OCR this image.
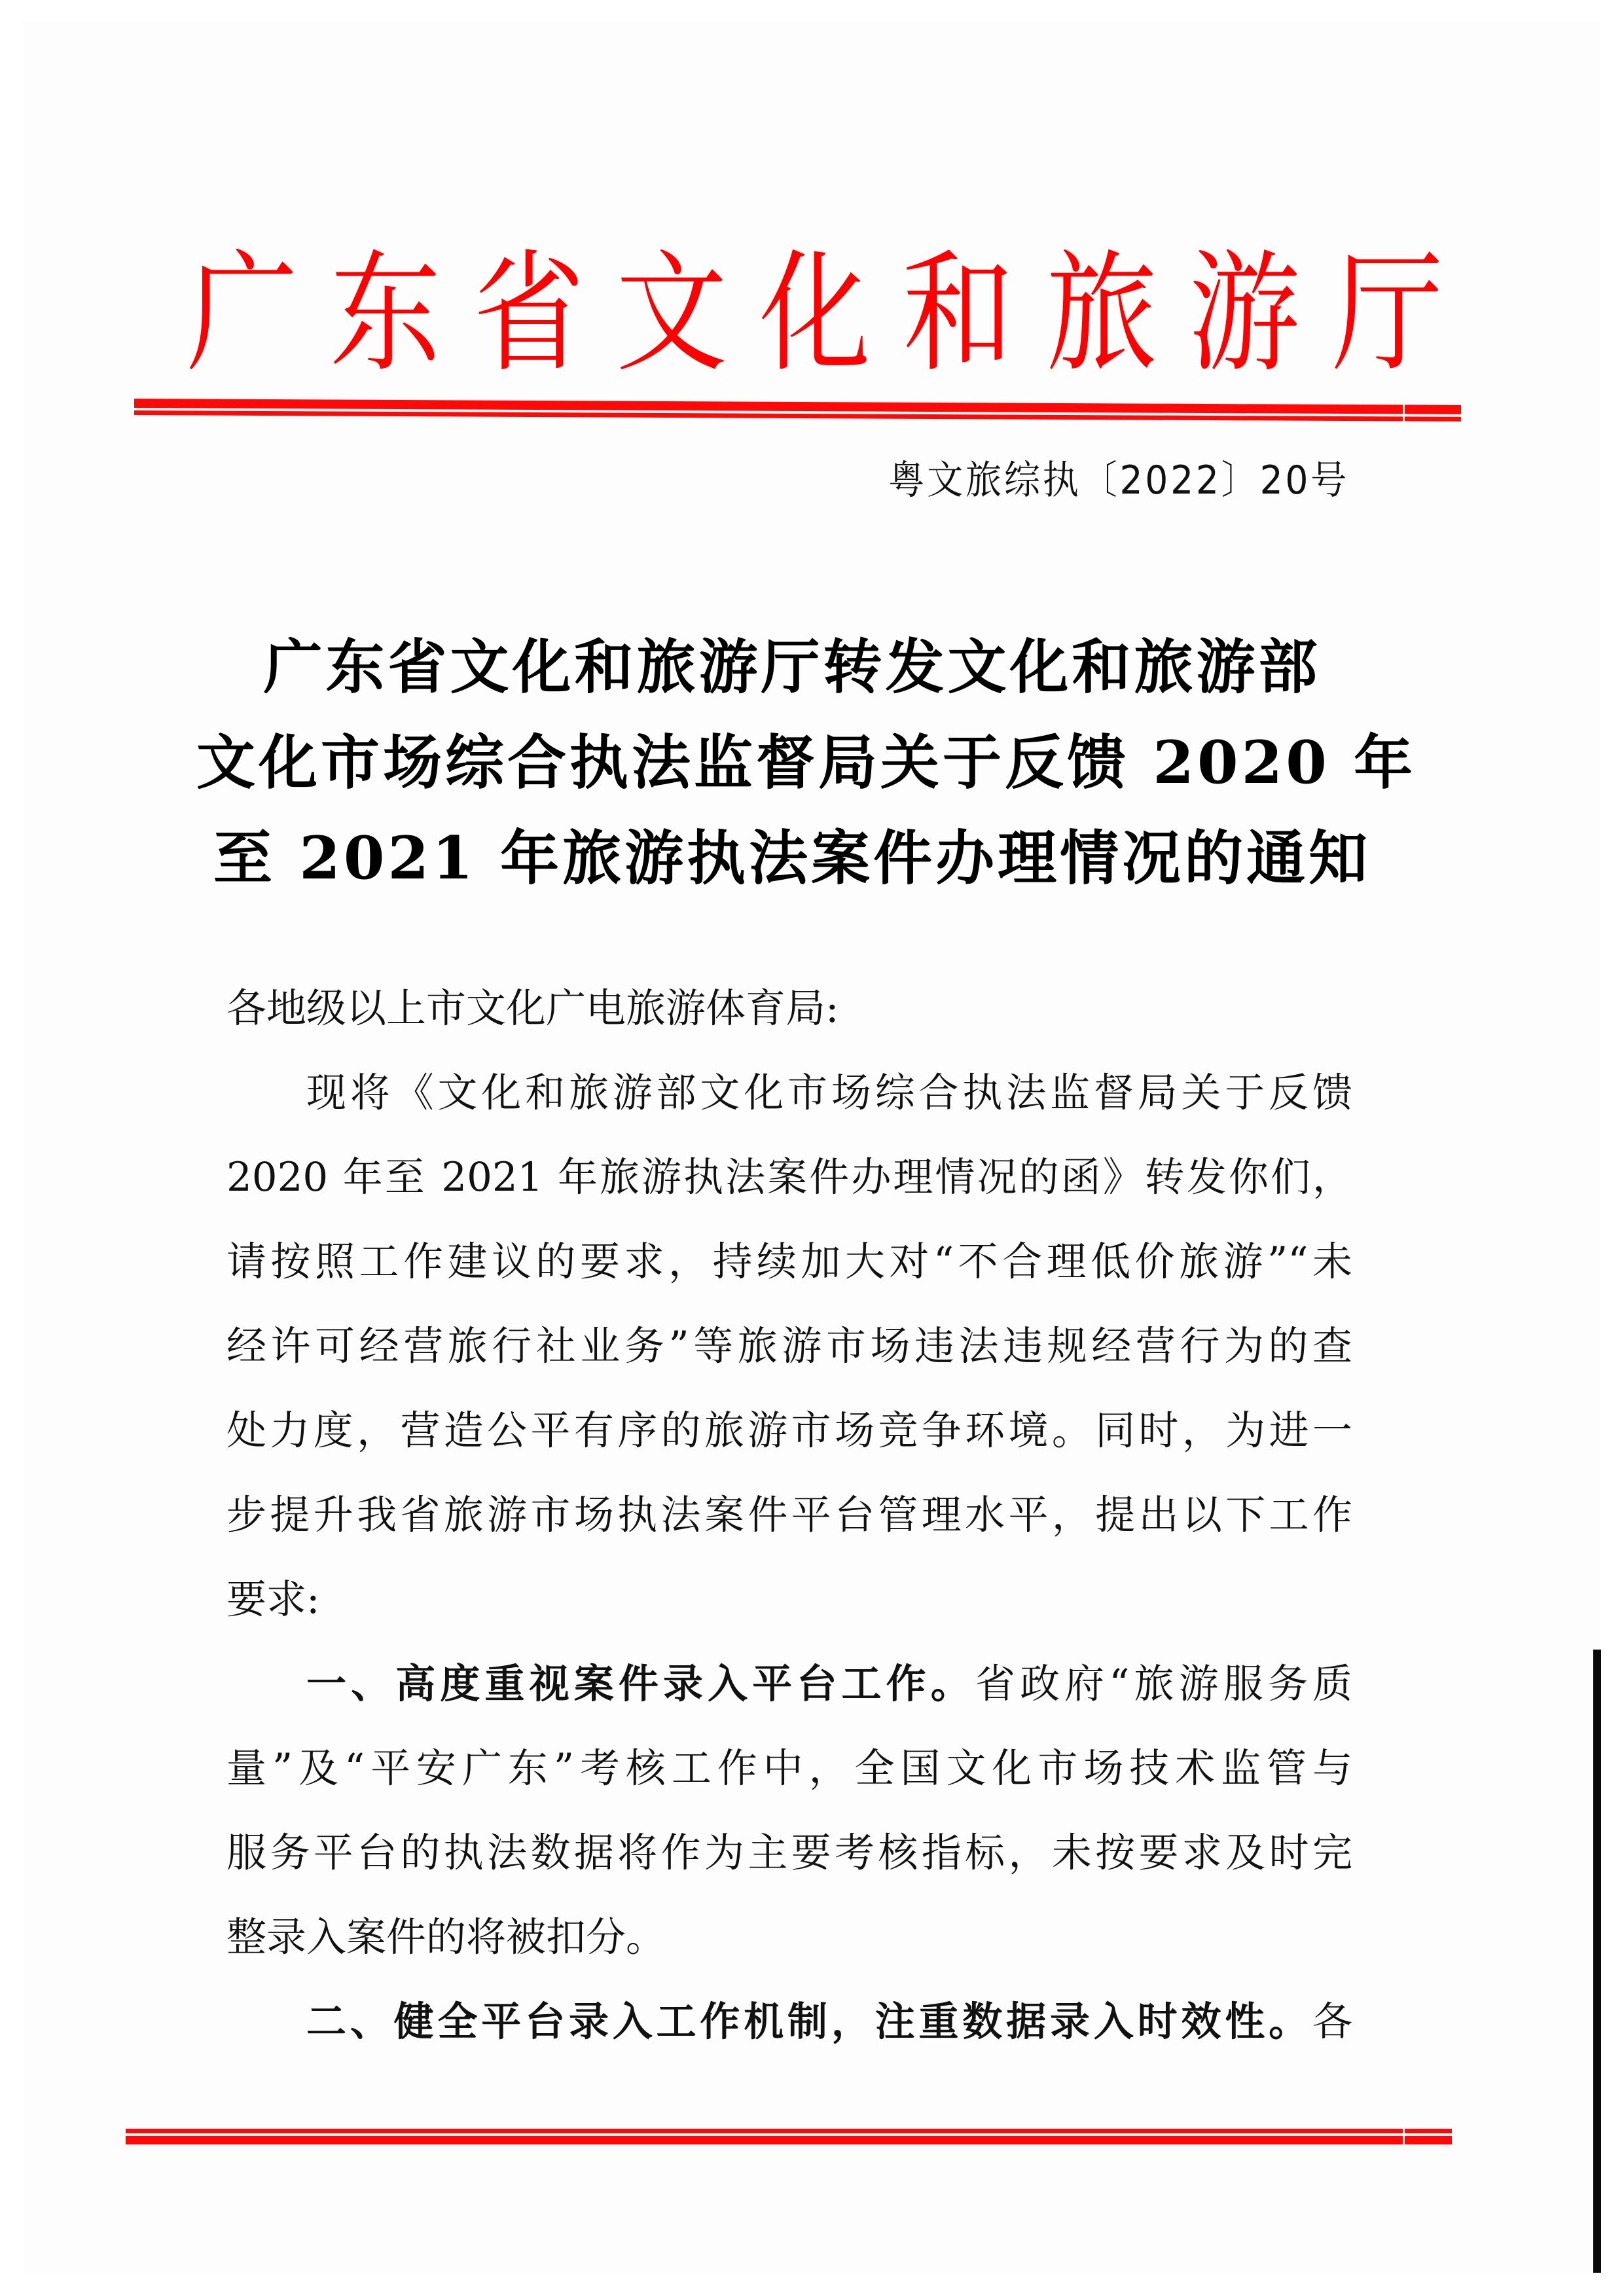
广 东 省 文 化 和 旅 游 厅
粤文旅综执〔2022〕20号
广东省文化和旅游厅转发文化和旅游部
文化市场综合执法监督局关于反馈 2020 年
至 2021 年旅游执法案件办理情况的通知
各地级以上市文化广电旅游体育局:
现将《文化和旅游部文化市场综合执法监督局关于反馈
2020 年至 2021 年旅游执法案件办理情况的函》转发你们，
请按照工作建议的要求，持续加大对“不合理低价旅游”“未
经许可经营旅行社业务”等旅游市场违法违规经营行为的查
处力度，营造公平有序的旅游市场竞争环境。同时，为进一
步提升我省旅游市场执法案件平台管理水平，提出以下工作
要求:
一、高度重视案件录入平台工作。省政府“旅游服务质
量”及“平安广东”考核工作中，全国文化市场技术监管与
服务平台的执法数据将作为主要考核指标，未按要求及时完
整录入案件的将被扣分。
二、健全平台录入工作机制，注重数据录入时效性。各
